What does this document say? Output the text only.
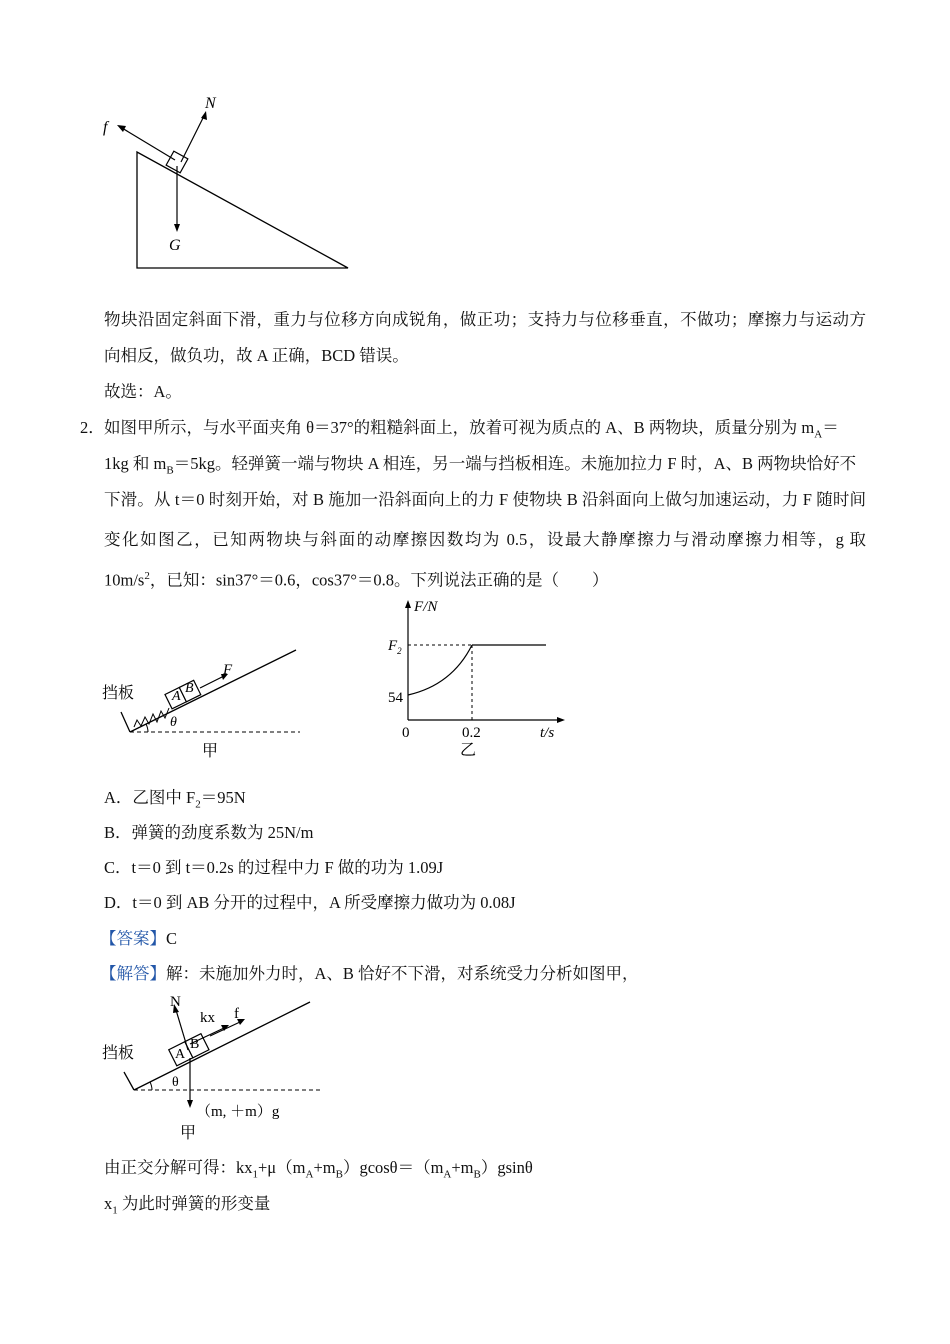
f
N
G
物块沿固定斜面下滑，重力与位移方向成锐角，做正功；支持力与位移垂直，不做功；摩擦力与运动方
向相反，做负功，故 A 正确，BCD 错误。
故选：A。
2． 如图甲所示，与水平面夹角 θ＝37°的粗糙斜面上，放着可视为质点的 A、B 两物块，质量分别为 $m_A=$
1kg 和 $m_B=5kg$。轻弹簧一端与物块 A 相连，另一端与挡板相连。未施加拉力 F 时，A、B 两物块恰好不
下滑。从 t＝0 时刻开始，对 B 施加一沿斜面向上的力 F 使物块 B 沿斜面向上做匀加速运动，力 F 随时间
变化如图乙，已知两物块与斜面的动摩擦因数均为 0.5，设最大静摩擦力与滑动摩擦力相等，g 取
$10m/s^2$，已知：sin37°＝0.6，cos37°＝0.8。下列说法正确的是（　　）
挡板	A
B
F
θ
甲
F/N
$F_2$
54
0	0.2	t/s
乙
A．乙图中 $F_2=95N$
B．弹簧的劲度系数为 25N/m
C．t＝0 到 t＝0.2s 的过程中力 F 做的功为 1.09J
D．t＝0 到 AB 分开的过程中，A 所受摩擦力做功为 0.08J
【答案】C
【解答】解：未施加外力时，A、B 恰好不下滑，对系统受力分析如图甲，
挡板
N
kx f
A
B
θ
（m, ＋m）g
甲
由正交分解可得：$kx_1+\mu(m_A+m_B)gcos\theta=(m_A+m_B)gsin\theta$
$x_1$ 为此时弹簧的形变量
